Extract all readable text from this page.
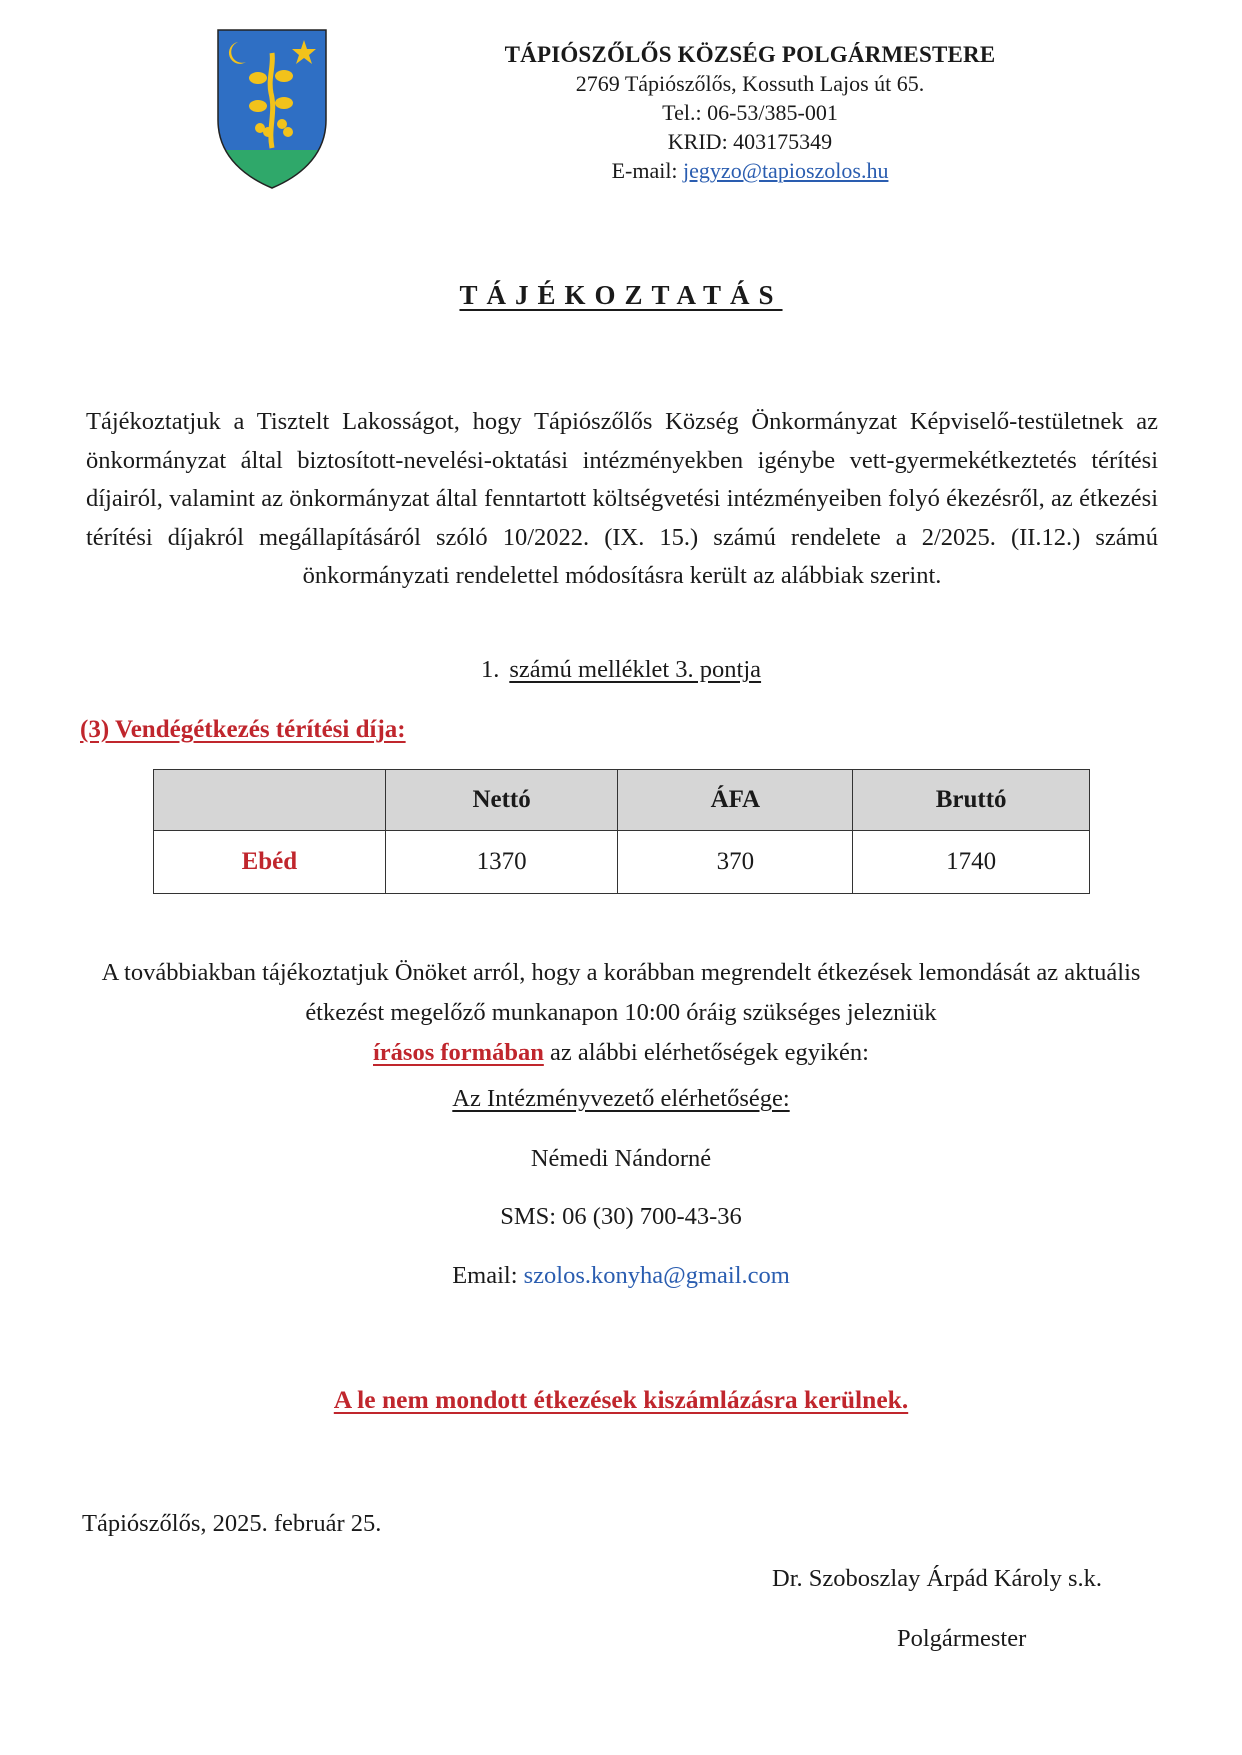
TÁPIÓSZŐLŐS KÖZSÉG POLGÁRMESTERE
2769 Tápiószőlős, Kossuth Lajos út 65.
Tel.: 06-53/385-001
KRID: 403175349
E-mail: jegyzo@tapioszolos.hu
TÁJÉKOZTATÁS
Tájékoztatjuk a Tisztelt Lakosságot, hogy Tápiószőlős Község Önkormányzat Képviselő-testületnek az önkormányzat által biztosított-nevelési-oktatási intézményekben igénybe vett-gyermekétkeztetés térítési díjairól, valamint az önkormányzat által fenntartott költségvetési intézményeiben folyó ékezésről, az étkezési térítési díjakról megállapításáról szóló 10/2022. (IX. 15.) számú rendelete a 2/2025. (II.12.) számú önkormányzati rendelettel módosításra került az alábbiak szerint.
1. számú melléklet 3. pontja
(3) Vendégétkezés térítési díja:
	Nettó	ÁFA	Bruttó
Ebéd	1370	370	1740
A továbbiakban tájékoztatjuk Önöket arról, hogy a korábban megrendelt étkezések lemondását az aktuális étkezést megelőző munkanapon 10:00 óráig szükséges jelezniük
írásos formában az alábbi elérhetőségek egyikén:
Az Intézményvezető elérhetősége:
Némedi Nándorné
SMS: 06 (30) 700-43-36
Email: szolos.konyha@gmail.com
A le nem mondott étkezések kiszámlázásra kerülnek.
Tápiószőlős, 2025. február 25.
Dr. Szoboszlay Árpád Károly s.k.
Polgármester
